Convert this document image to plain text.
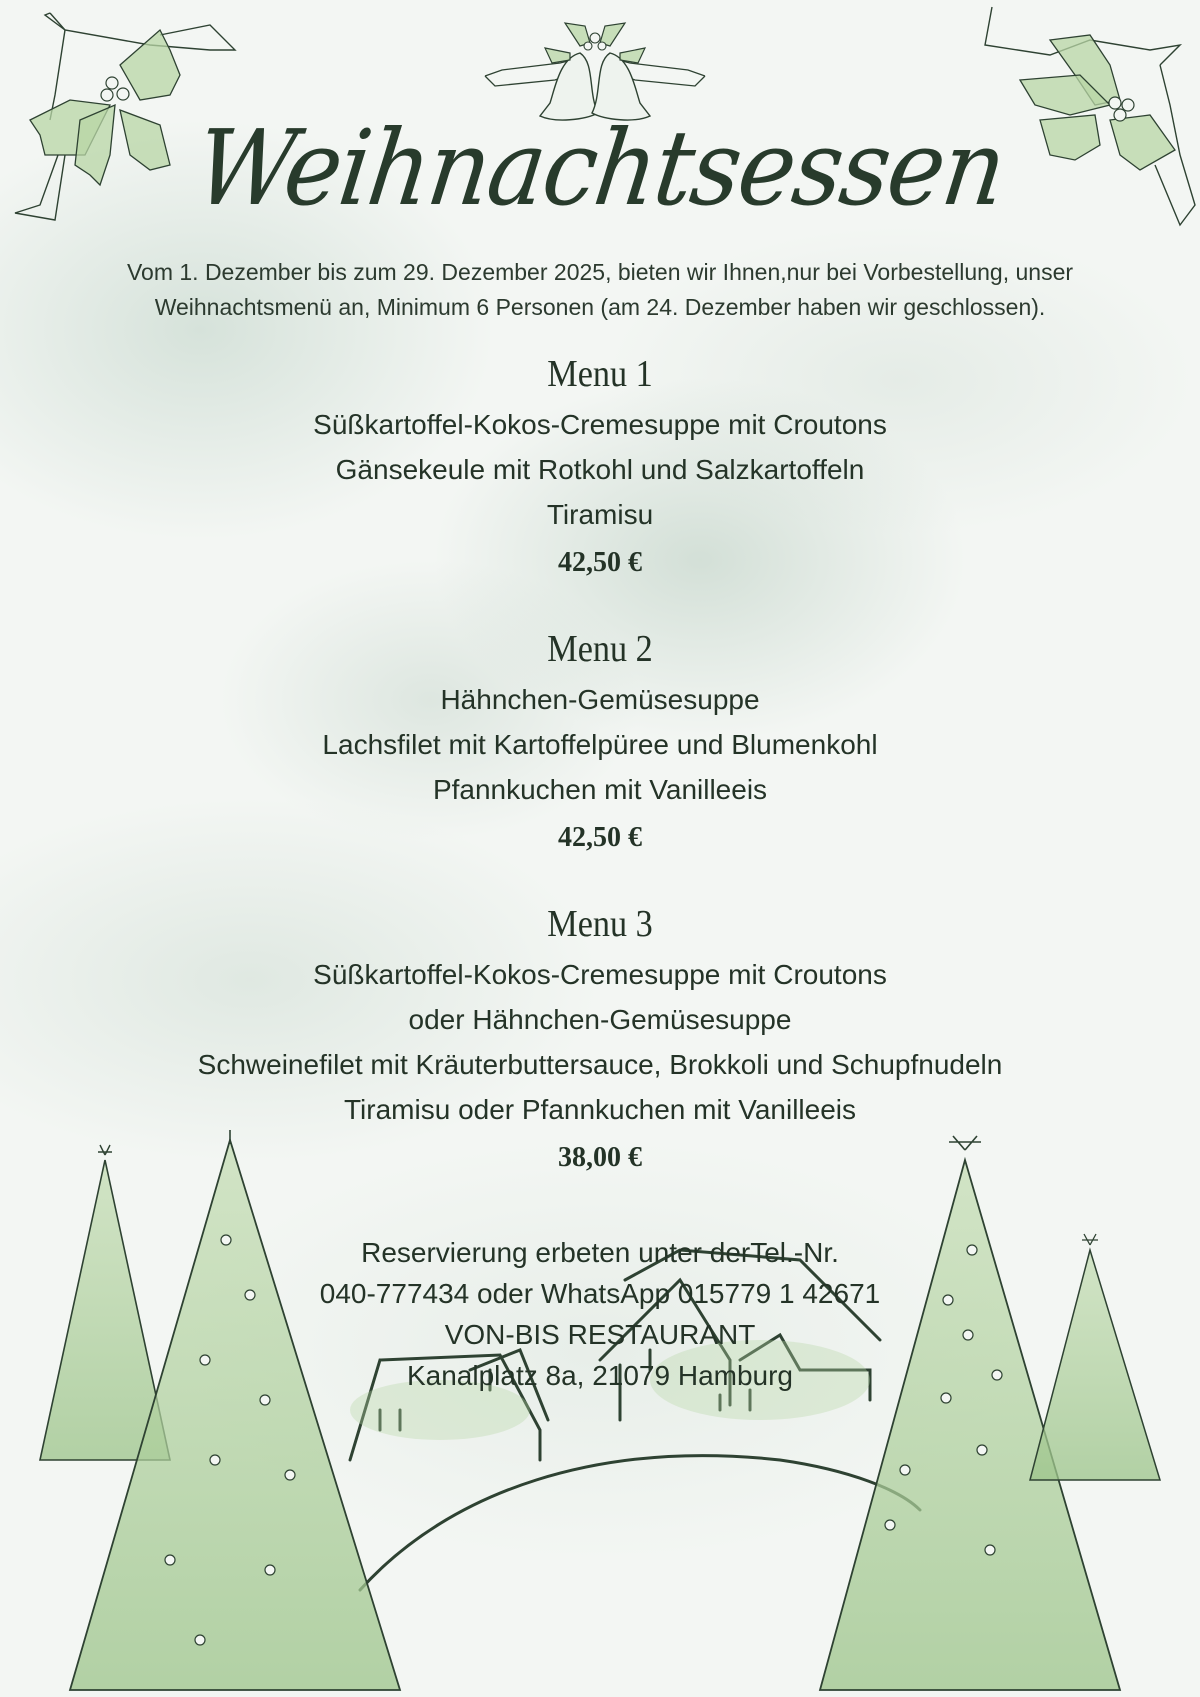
Weihnachtsessen
Vom 1. Dezember bis zum 29. Dezember 2025, bieten wir Ihnen,nur bei Vorbestellung, unser
Weihnachtsmenü an, Minimum 6 Personen (am 24. Dezember haben wir geschlossen).
Menu 1
Süßkartoffel-Kokos-Cremesuppe mit Croutons
Gänsekeule mit Rotkohl und Salzkartoffeln
Tiramisu
42,50 €
Menu 2
Hähnchen-Gemüsesuppe
Lachsfilet mit Kartoffelpüree und Blumenkohl
Pfannkuchen mit Vanilleeis
42,50 €
Menu 3
Süßkartoffel-Kokos-Cremesuppe mit Croutons
oder Hähnchen-Gemüsesuppe
Schweinefilet mit Kräuterbuttersauce, Brokkoli und Schupfnudeln
Tiramisu oder Pfannkuchen mit Vanilleeis
38,00 €
Reservierung erbeten unter derTel.-Nr.
040-777434 oder WhatsApp 015779 1 42671
VON-BIS RESTAURANT
Kanalplatz 8a, 21079 Hamburg
